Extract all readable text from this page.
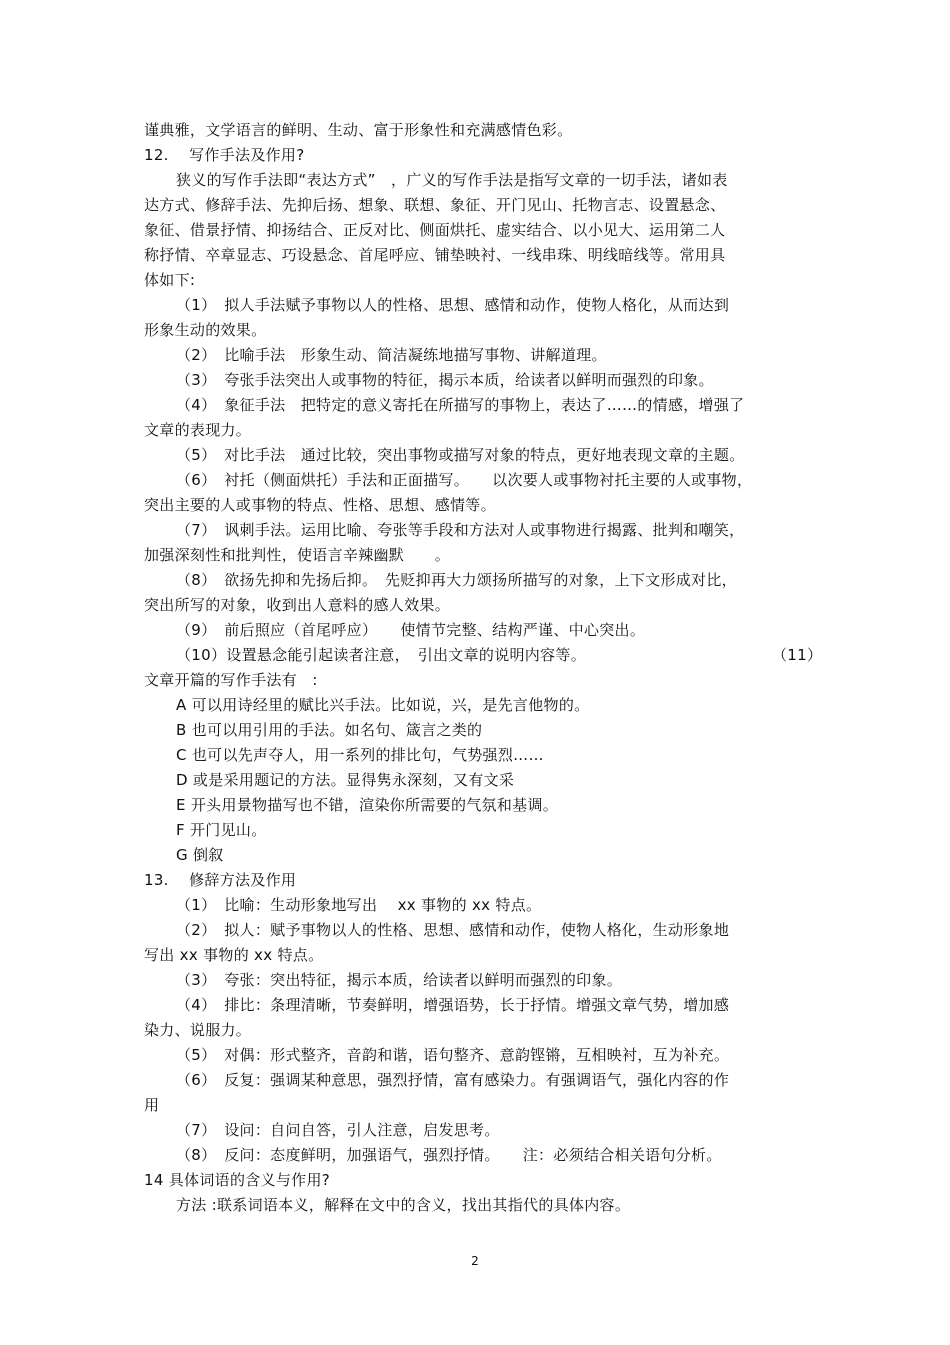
谨典雅，文学语言的鲜明、生动、富于形象性和充满感情色彩。

12.　 写作手法及作用?

狭义的写作手法即“表达方式”　，广义的写作手法是指写文章的一切手法，诸如表

达方式、修辞手法、先抑后扬、想象、联想、象征、开门见山、托物言志、设置悬念、

象征、借景抒情、抑扬结合、正反对比、侧面烘托、虚实结合、以小见大、运用第二人

称抒情、卒章显志、巧设悬念、首尾呼应、铺垫映衬、一线串珠、明线暗线等。常用具

体如下:

（1）　拟人手法赋予事物以人的性格、思想、感情和动作，使物人格化，从而达到

形象生动的效果。

（2）　比喻手法　形象生动、简洁凝练地描写事物、讲解道理。

（3）　夸张手法突出人或事物的特征，揭示本质，给读者以鲜明而强烈的印象。

（4）　象征手法　把特定的意义寄托在所描写的事物上，表达了……的情感，增强了

文章的表现力。

（5）　对比手法　通过比较，突出事物或描写对象的特点，更好地表现文章的主题。

（6）　衬托（侧面烘托）手法和正面描写。　　以次要人或事物衬托主要的人或事物，

突出主要的人或事物的特点、性格、思想、感情等。

（7）　讽刺手法。运用比喻、夸张等手段和方法对人或事物进行揭露、批判和嘲笑，

加强深刻性和批判性，使语言辛辣幽默　　。

（8）　欲扬先抑和先扬后抑。　先贬抑再大力颂扬所描写的对象，上下文形成对比，

突出所写的对象，收到出人意料的感人效果。

（9）　前后照应（首尾呼应）　　使情节完整、结构严谨、中心突出。

（10）设置悬念能引起读者注意，　引出文章的说明内容等。	（11）

文章开篇的写作手法有　:

A 可以用诗经里的赋比兴手法。比如说，兴，是先言他物的。

B 也可以用引用的手法。如名句、箴言之类的

C 也可以先声夺人，用一系列的排比句，气势强烈……

D 或是采用题记的方法。显得隽永深刻，又有文采

E 开头用景物描写也不错，渲染你所需要的气氛和基调。

F 开门见山。

G 倒叙

13.　 修辞方法及作用

（1）　比喻：生动形象地写出　 xx 事物的 xx 特点。

（2）　拟人：赋予事物以人的性格、思想、感情和动作，使物人格化，生动形象地

写出 xx 事物的 xx 特点。

（3）　夸张：突出特征，揭示本质，给读者以鲜明而强烈的印象。

（4）　排比：条理清晰，节奏鲜明，增强语势，长于抒情。增强文章气势，增加感

染力、说服力。

（5）　对偶：形式整齐，音韵和谐，语句整齐、意韵铿锵，互相映衬，互为补充。

（6）　反复：强调某种意思，强烈抒情，富有感染力。有强调语气，强化内容的作

用

（7）　设问：自问自答，引人注意，启发思考。

（8）　反问：态度鲜明，加强语气，强烈抒情。　　注：必须结合相关语句分析。

14 具体词语的含义与作用?

方法 :联系词语本义，解释在文中的含义，找出其指代的具体内容。

2
